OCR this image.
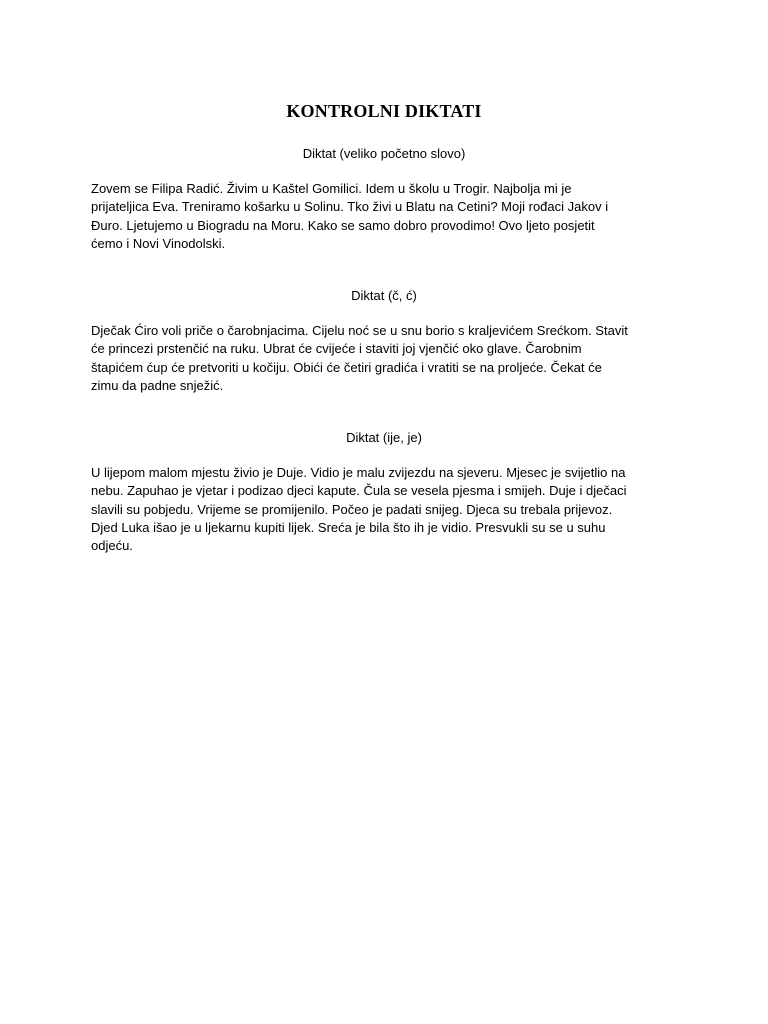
KONTROLNI DIKTATI
Diktat (veliko početno slovo)
Zovem se Filipa Radić. Živim u Kaštel Gomilici. Idem u školu u Trogir. Najbolja mi je
prijateljica Eva. Treniramo košarku u Solinu. Tko živi u Blatu na Cetini? Moji rođaci Jakov i
Đuro. Ljetujemo u Biogradu na Moru. Kako se samo dobro provodimo! Ovo ljeto posjetit
ćemo i Novi Vinodolski.
Diktat (č, ć)
Dječak Ćiro voli priče o čarobnjacima. Cijelu noć se u snu borio s kraljevićem Srećkom. Stavit
će princezi prstenčić na ruku. Ubrat će cvijeće i staviti joj vjenčić oko glave. Čarobnim
štapićem ćup će pretvoriti u kočiju. Obići će četiri gradića i vratiti se na proljeće. Čekat će
zimu da padne snježić.
Diktat (ije, je)
U lijepom malom mjestu živio je Duje. Vidio je malu zvijezdu na sjeveru. Mjesec je svijetlio na
nebu. Zapuhao je vjetar i podizao djeci kapute. Čula se vesela pjesma i smijeh. Duje i dječaci
slavili su pobjedu. Vrijeme se promijenilo. Počeo je padati snijeg. Djeca su trebala prijevoz.
Djed Luka išao je u ljekarnu kupiti lijek. Sreća je bila što ih je vidio. Presvukli su se u suhu
odjeću.
